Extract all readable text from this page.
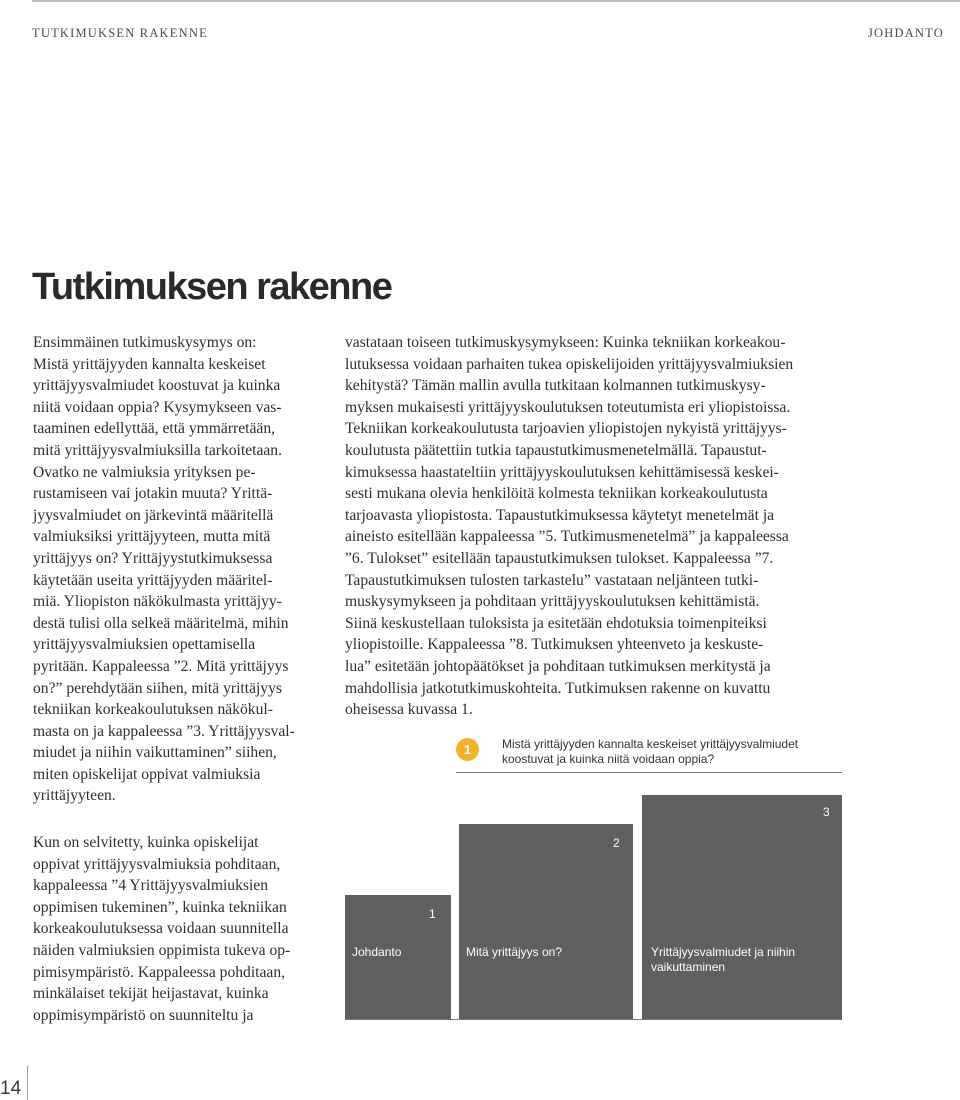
TUTKIMUKSEN RAKENNE	JOHDANTO
Tutkimuksen rakenne
Ensimmäinen tutkimuskysymys on:
Mistä yrittäjyyden kannalta keskeiset
yrittäjyysvalmiudet koostuvat ja kuinka
niitä voidaan oppia? Kysymykseen vas-
taaminen edellyttää, että ymmärretään,
mitä yrittäjyysvalmiuksilla tarkoitetaan.
Ovatko ne valmiuksia yrityksen pe-
rustamiseen vai jotakin muuta? Yrittä-
jyysvalmiudet on järkevintä määritellä
valmiuksiksi yrittäjyyteen, mutta mitä
yrittäjyys on? Yrittäjyystutkimuksessa
käytetään useita yrittäjyyden määritel-
miä. Yliopiston näkökulmasta yrittäjyy-
destä tulisi olla selkeä määritelmä, mihin
yrittäjyysvalmiuksien opettamisella
pyritään. Kappaleessa ”2. Mitä yrittäjyys
on?” perehdytään siihen, mitä yrittäjyys
tekniikan korkeakoulutuksen näkökul-
masta on ja kappaleessa ”3. Yrittäjyysval-
miudet ja niihin vaikuttaminen” siihen,
miten opiskelijat oppivat valmiuksia
yrittäjyyteen.
Kun on selvitetty, kuinka opiskelijat
oppivat yrittäjyysvalmiuksia pohditaan,
kappaleessa ”4 Yrittäjyysvalmiuksien
oppimisen tukeminen”, kuinka tekniikan
korkeakoulutuksessa voidaan suunnitella
näiden valmiuksien oppimista tukeva op-
pimisympäristö. Kappaleessa pohditaan,
minkälaiset tekijät heijastavat, kuinka
oppimisympäristö on suunniteltu ja
vastataan toiseen tutkimuskysymykseen: Kuinka tekniikan korkeakou-
lutuksessa voidaan parhaiten tukea opiskelijoiden yrittäjyysvalmiuksien
kehitystä? Tämän mallin avulla tutkitaan kolmannen tutkimuskysy-
myksen mukaisesti yrittäjyyskoulutuksen toteutumista eri yliopistoissa.
Tekniikan korkeakoulutusta tarjoavien yliopistojen nykyistä yrittäjyys-
koulutusta päätettiin tutkia tapaustutkimusmenetelmällä. Tapaustut-
kimuksessa haastateltiin yrittäjyyskoulutuksen kehittämisessä keskei-
sesti mukana olevia henkilöitä kolmesta tekniikan korkeakoulutusta
tarjoavasta yliopistosta. Tapaustutkimuksessa käytetyt menetelmät ja
aineisto esitellään kappaleessa ”5. Tutkimusmenetelmä” ja kappaleessa
”6. Tulokset” esitellään tapaustutkimuksen tulokset. Kappaleessa ”7.
Tapaustutkimuksen tulosten tarkastelu” vastataan neljänteen tutki-
muskysymykseen ja pohditaan yrittäjyyskoulutuksen kehittämistä.
Siinä keskustellaan tuloksista ja esitetään ehdotuksia toimenpiteiksi
yliopistoille. Kappaleessa ”8. Tutkimuksen yhteenveto ja keskuste-
lua” esitetään johtopäätökset ja pohditaan tutkimuksen merkitystä ja
mahdollisia jatkotutkimuskohteita. Tutkimuksen rakenne on kuvattu
oheisessa kuvassa 1.
1	Mistä yrittäjyyden kannalta keskeiset yrittäjyysvalmiudet
koostuvat ja kuinka niitä voidaan oppia?
1
2
3
Johdanto	Mitä yrittäjyys on?	Yrittäjyysvalmiudet ja niihin
vaikuttaminen
14
